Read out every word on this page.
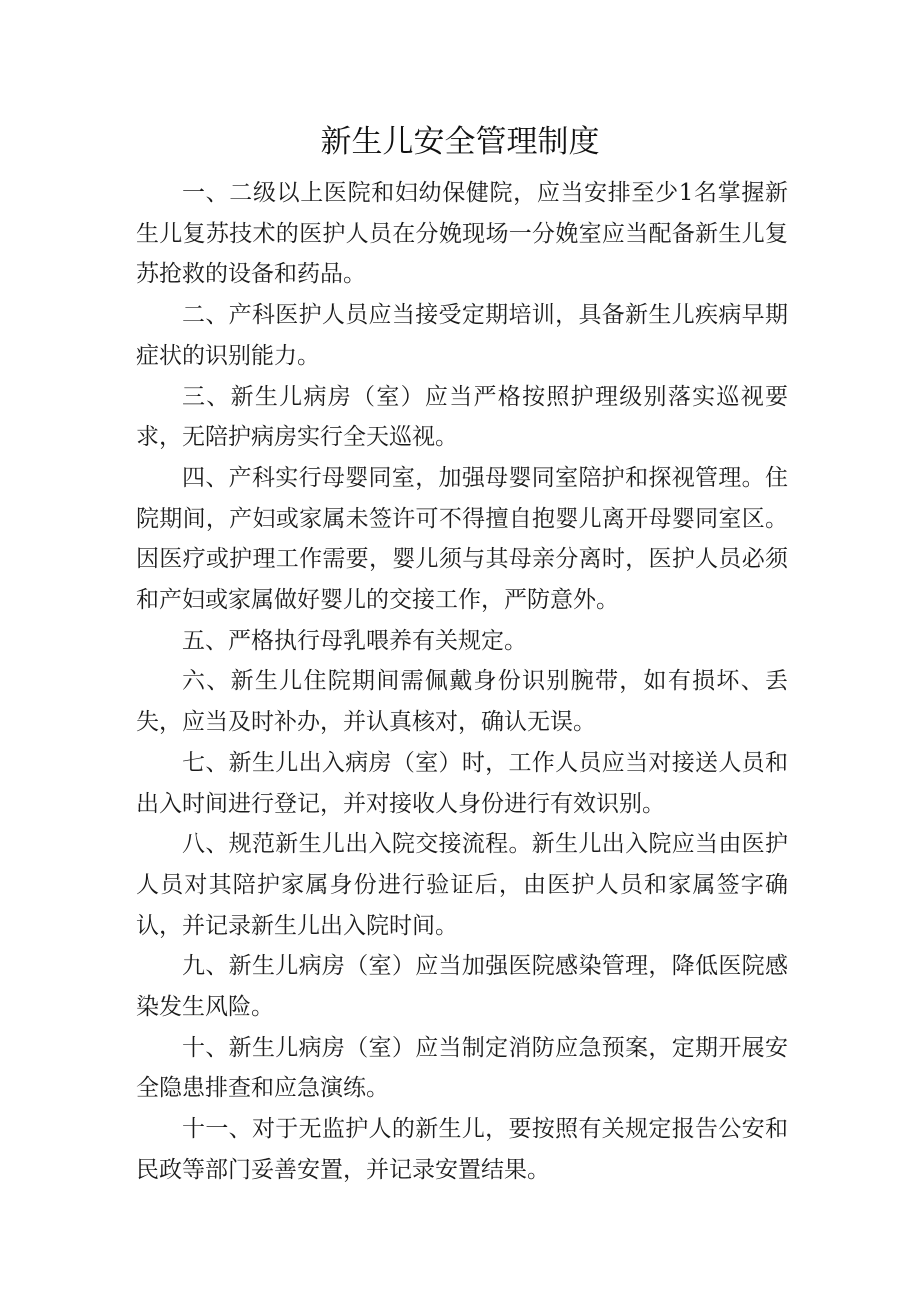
新生儿安全管理制度

一、二级以上医院和妇幼保健院，应当安排至少1名掌握新生儿复苏技术的医护人员在分娩现场一分娩室应当配备新生儿复苏抢救的设备和药品。

二、产科医护人员应当接受定期培训，具备新生儿疾病早期症状的识别能力。

三、新生儿病房（室）应当严格按照护理级别落实巡视要求，无陪护病房实行全天巡视。

四、产科实行母婴同室，加强母婴同室陪护和探视管理。住院期间，产妇或家属未签许可不得擅自抱婴儿离开母婴同室区。因医疗或护理工作需要，婴儿须与其母亲分离时，医护人员必须和产妇或家属做好婴儿的交接工作，严防意外。

五、严格执行母乳喂养有关规定。

六、新生儿住院期间需佩戴身份识别腕带，如有损坏、丢失，应当及时补办，并认真核对，确认无误。

七、新生儿出入病房（室）时，工作人员应当对接送人员和出入时间进行登记，并对接收人身份进行有效识别。

八、规范新生儿出入院交接流程。新生儿出入院应当由医护人员对其陪护家属身份进行验证后，由医护人员和家属签字确认，并记录新生儿出入院时间。

九、新生儿病房（室）应当加强医院感染管理，降低医院感染发生风险。

十、新生儿病房（室）应当制定消防应急预案，定期开展安全隐患排查和应急演练。

十一、对于无监护人的新生儿，要按照有关规定报告公安和民政等部门妥善安置，并记录安置结果。
